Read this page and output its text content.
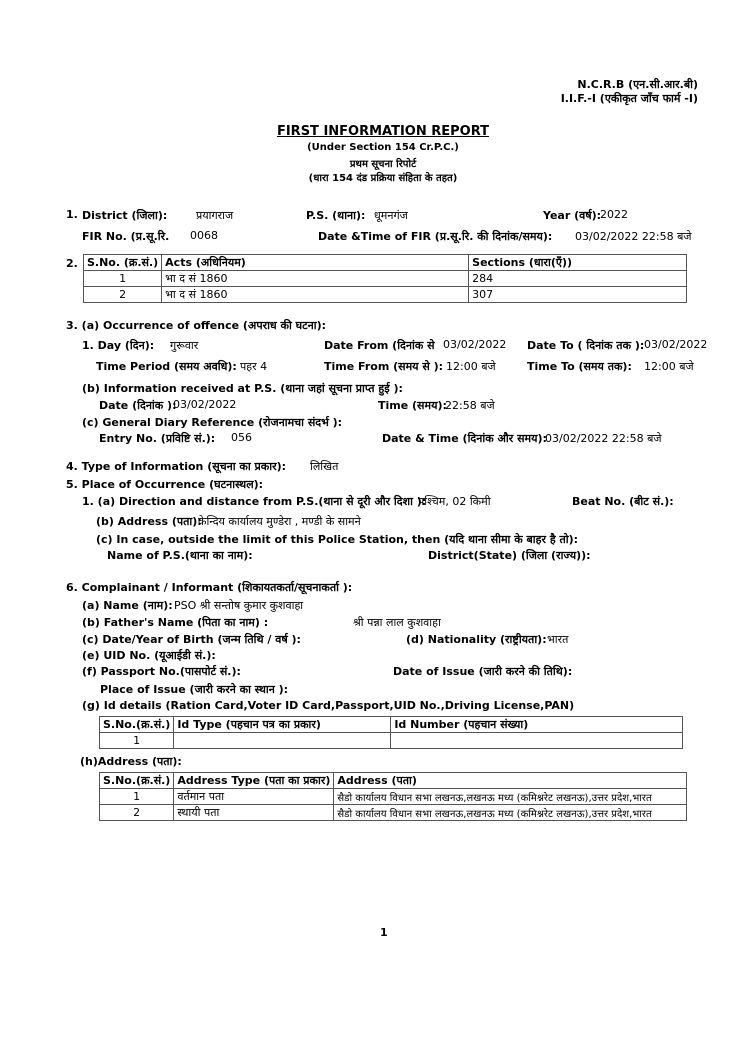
N.C.R.B (एन.सी.आर.बी)
I.I.F.-I (एकीकृत जाँच फार्म -I)
FIRST INFORMATION REPORT
(Under Section 154 Cr.P.C.)
प्रथम सूचना रिपोर्ट
(धारा 154 दंड प्रक्रिया संहिता के तहत)
1. District (जिला):	प्रयागराज	P.S. (थाना): धूमनगंज	Year (वर्ष):
2022
FIR No. (प्र.सू.रि. 0068	Date &Time of FIR (प्र.सू.रि. की दिनांक/समय): 03/02/2022 22:58 बजे
2. S.No. (क्र.सं.)	Acts (अधिनियम)	Sections (धारा(एँ))
1	भा द सं 1860	284
2	भा द सं 1860	307
3. (a) Occurrence of offence (अपराध की घटना):
1. Day (दिन): गुरूवार	Date From (दिनांक से 03/02/2022 Date To ( दिनांक तक ): 03/02/2022
Time Period (समय अवधि): पहर 4	Time From (समय से ): 12:00 बजे	Time To (समय तक): 12:00 बजे
(b) Information received at P.S. (थाना जहां सूचना प्राप्त हुई ):
Date (दिनांक ):
03/02/2022	Time (समय):
22:58 बजे
(c) General Diary Reference (रोजनामचा संदर्भ ):
Entry No. (प्रविष्टि सं.): 056	Date & Time (दिनांक और समय):
03/02/2022 22:58 बजे
4. Type of Information (सूचना का प्रकार): लिखित
5. Place of Occurrence (घटनास्थल):
1. (a) Direction and distance from P.S.(थाना से दूरी और दिशा ):
पश्चिम, 02 किमी	Beat No. (बीट सं.):
(b) Address (पता):
केन्दिय कार्यालय मुण्डेरा , मण्डी के सामने
(c) In case, outside the limit of this Police Station, then (यदि थाना सीमा के बाहर है तो):
Name of P.S.(थाना का नाम):	District(State) (जिला (राज्य)):
6. Complainant / Informant (शिकायतकर्ता/सूचनाकर्ता ):
(a) Name (नाम): PSO श्री सन्तोष कुमार कुशवाहा
(b) Father's Name (पिता का नाम) :	श्री पन्ना लाल कुशवाहा
(c) Date/Year of Birth (जन्म तिथि / वर्ष ):	(d) Nationality (राष्ट्रीयता): भारत
(e) UID No. (यूआईडी सं.):
(f) Passport No.(पासपोर्ट सं.):	Date of Issue (जारी करने की तिथि):
Place of Issue (जारी करने का स्थान ):
(g) Id details (Ration Card,Voter ID Card,Passport,UID No.,Driving License,PAN)
S.No.(क्र.सं.)	Id Type (पहचान पत्र का प्रकार)	Id Number (पहचान संख्या)
1		
(h)Address (पता):
S.No.(क्र.सं.)	Address Type (पता का प्रकार)	Address (पता)
1	वर्तमान पता	सैडो कार्यालय विधान सभा लखनऊ,लखनऊ मध्य (कमिश्नरेट लखनऊ),उत्तर प्रदेश,भारत
2	स्थायी पता	सैडो कार्यालय विधान सभा लखनऊ,लखनऊ मध्य (कमिश्नरेट लखनऊ),उत्तर प्रदेश,भारत
1
